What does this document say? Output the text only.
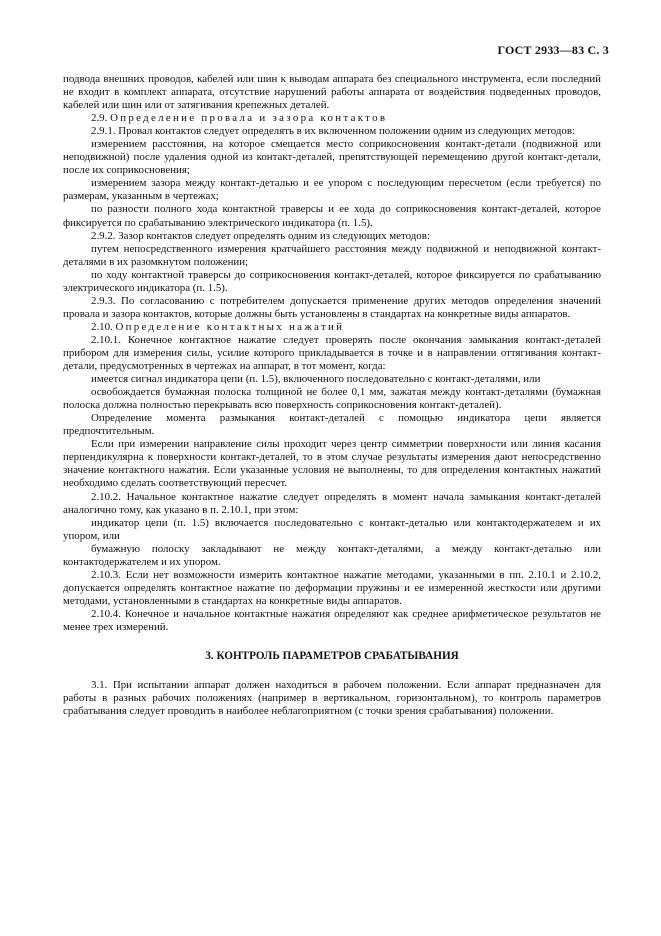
ГОСТ 2933—83 С. 3

подвода внешних проводов, кабелей или шин к выводам аппарата без специального инструмента, если последний не входит в комплект аппарата, отсутствие нарушений работы аппарата от воздействия подведенных проводов, кабелей или шин или от затягивания крепежных деталей.

2.9. Определение провала и зазора контактов

2.9.1. Провал контактов следует определять в их включенном положении одним из следующих методов:

измерением расстояния, на которое смещается место соприкосновения контакт-детали (подвижной или неподвижной) после удаления одной из контакт-деталей, препятствующей перемещению другой контакт-детали, после их соприкосновения;

измерением зазора между контакт-деталью и ее упором с последующим пересчетом (если требуется) по размерам, указанным в чертежах;

по разности полного хода контактной траверсы и ее хода до соприкосновения контакт-деталей, которое фиксируется по срабатыванию электрического индикатора (п. 1.5).

2.9.2. Зазор контактов следует определять одним из следующих методов:

путем непосредственного измерения кратчайшего расстояния между подвижной и неподвижной контакт-деталями в их разомкнутом положении;

по ходу контактной траверсы до соприкосновения контакт-деталей, которое фиксируется по срабатыванию электрического индикатора (п. 1.5).

2.9.3. По согласованию с потребителем допускается применение других методов определения значений провала и зазора контактов, которые должны быть установлены в стандартах на конкретные виды аппаратов.

2.10. Определение контактных нажатий

2.10.1. Конечное контактное нажатие следует проверять после окончания замыкания контакт-деталей прибором для измерения силы, усилие которого прикладывается в точке и в направлении оттягивания контакт-детали, предусмотренных в чертежах на аппарат, в тот момент, когда:

имеется сигнал индикатора цепи (п. 1.5), включенного последовательно с контакт-деталями, или

освобождается бумажная полоска толщиной не более 0,1 мм, зажатая между контакт-деталями (бумажная полоска должна полностью перекрывать всю поверхность соприкосновения контакт-деталей).

Определение момента размыкания контакт-деталей с помощью индикатора цепи является предпочтительным.

Если при измерении направление силы проходит через центр симметрии поверхности или линия касания перпендикулярна к поверхности контакт-деталей, то в этом случае результаты измерения дают непосредственно значение контактного нажатия. Если указанные условия не выполнены, то для определения контактных нажатий необходимо сделать соответствующий пересчет.

2.10.2. Начальное контактное нажатие следует определять в момент начала замыкания контакт-деталей аналогично тому, как указано в п. 2.10.1, при этом:

индикатор цепи (п. 1.5) включается последовательно с контакт-деталью или контактодержателем и их упором, или

бумажную полоску закладывают не между контакт-деталями, а между контакт-деталью или контактодержателем и их упором.

2.10.3. Если нет возможности измерить контактное нажатие методами, указанными в пп. 2.10.1 и 2.10.2, допускается определять контактное нажатие по деформации пружины и ее измеренной жесткости или другими методами, установленными в стандартах на конкретные виды аппаратов.

2.10.4. Конечное и начальное контактные нажатия определяют как среднее арифметическое результатов не менее трех измерений.

3. КОНТРОЛЬ ПАРАМЕТРОВ СРАБАТЫВАНИЯ

3.1. При испытании аппарат должен находиться в рабочем положении. Если аппарат предназначен для работы в разных рабочих положениях (например в вертикальном, горизонтальном), то контроль параметров срабатывания следует проводить в наиболее неблагоприятном (с точки зрения срабатывания) положении.
